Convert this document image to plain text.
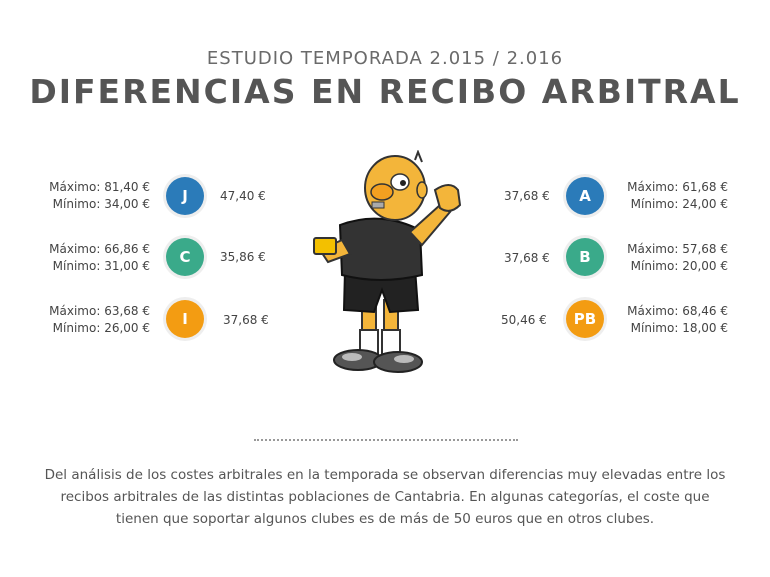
ESTUDIO TEMPORADA 2.015 / 2.016
DIFERENCIAS EN RECIBO ARBITRAL
Máximo: 81,40 €
Mínimo: 34,00 €	J	47,40 €
Máximo: 66,86 €
Mínimo: 31,00 €	C	35,86 €
Máximo: 63,68 €
Mínimo: 26,00 €	I	37,68 €
37,68 €	A	Máximo: 61,68 €
Mínimo: 24,00 €
37,68 €	B	Máximo: 57,68 €
Mínimo: 20,00 €
50,46 €	PB	Máximo: 68,46 €
Mínimo: 18,00 €
Del análisis de los costes arbitrales en la temporada se observan diferencias muy elevadas entre los recibos arbitrales de las distintas poblaciones de Cantabria. En algunas categorías, el coste que tienen que soportar algunos clubes es de más de 50 euros que en otros clubes.
